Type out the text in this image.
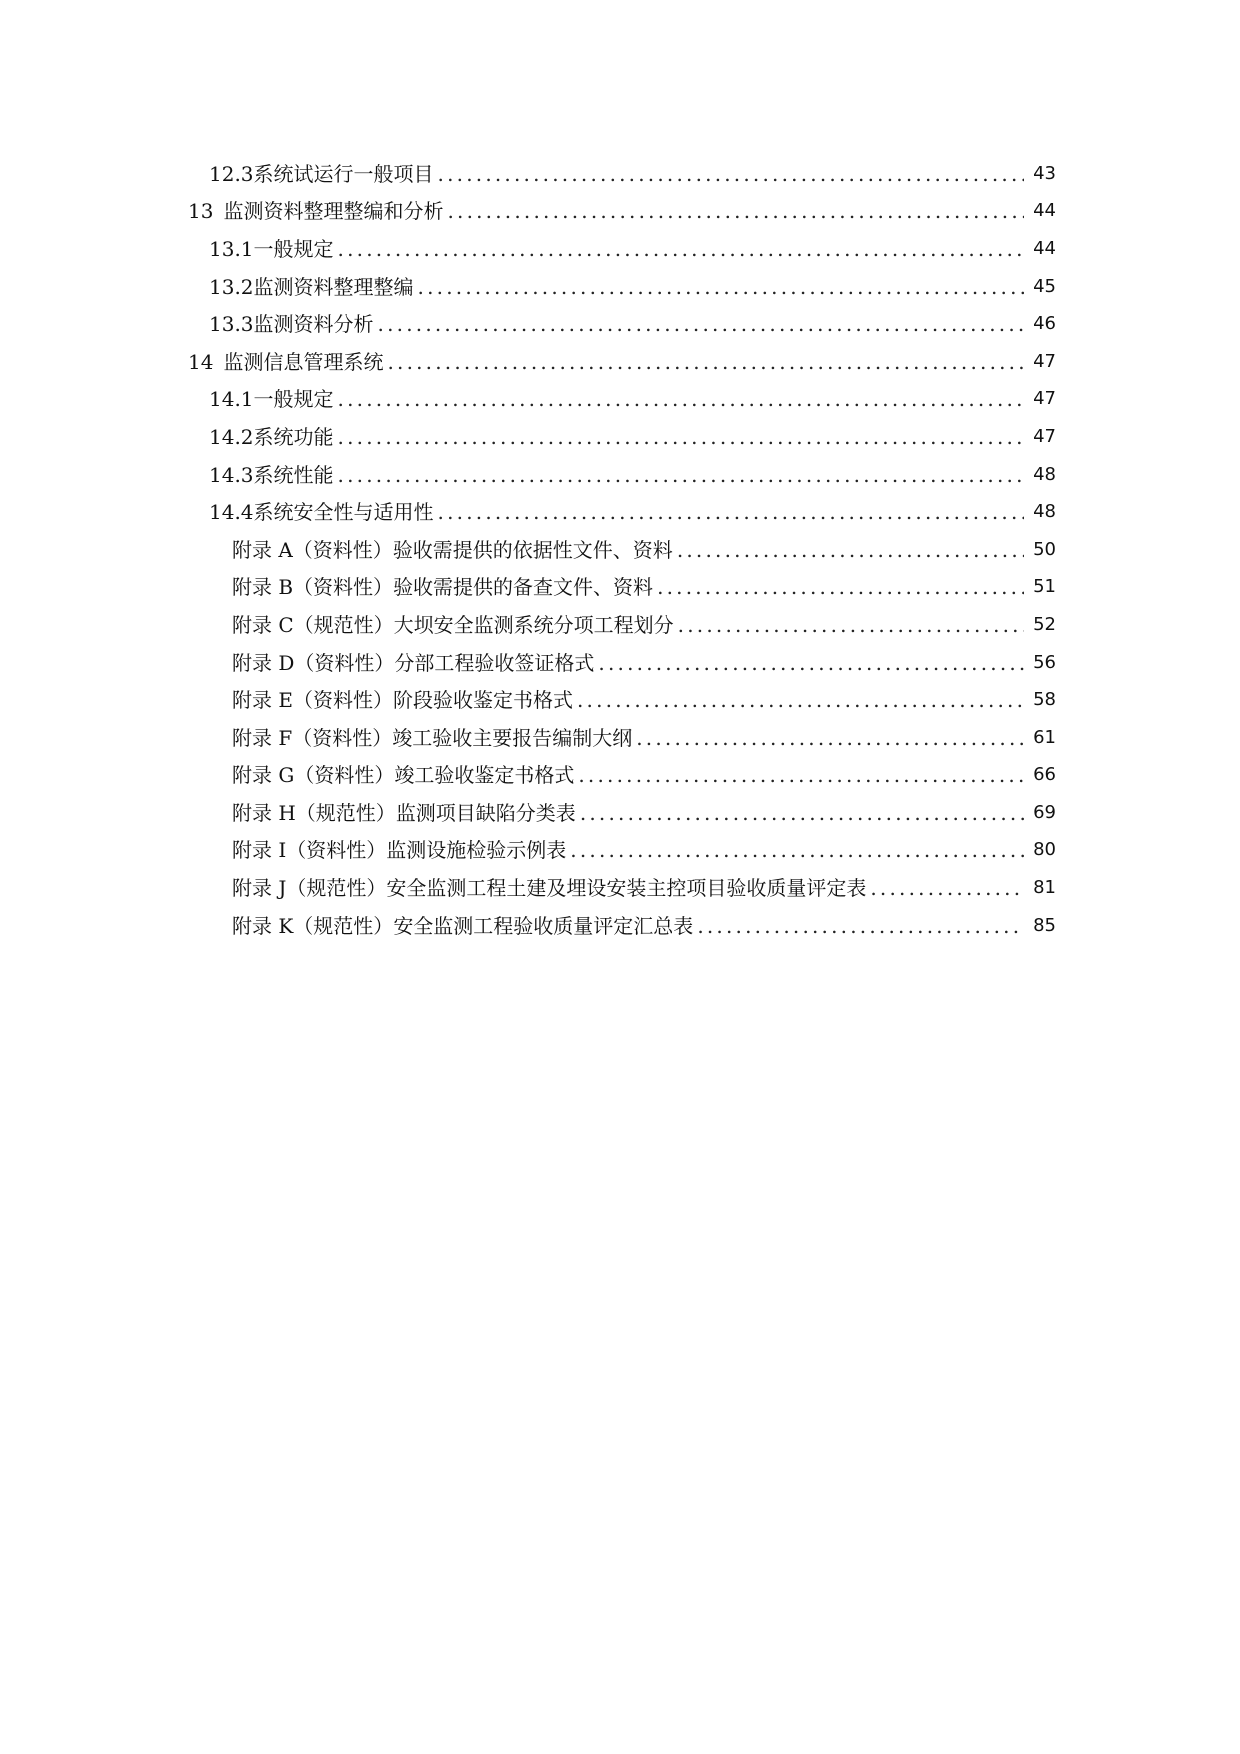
12.3 系统试运行一般项目 .....	43
13 监测资料整理整编和分析 .....	44
13.1 一般规定 .....	44
13.2 监测资料整理整编 .....	45
13.3 监测资料分析 .....	46
14 监测信息管理系统 .....	47
14.1 一般规定 .....	47
14.2 系统功能 .....	47
14.3 系统性能 .....	48
14.4 系统安全性与适用性 .....	48
附录 A（资料性） 验收需提供的依据性文件、资料 .....	50
附录 B（资料性） 验收需提供的备查文件、资料 .....	51
附录 C（规范性） 大坝安全监测系统分项工程划分 .....	52
附录 D（资料性） 分部工程验收签证格式 .....	56
附录 E（资料性） 阶段验收鉴定书格式 .....	58
附录 F（资料性） 竣工验收主要报告编制大纲 .....	61
附录 G（资料性） 竣工验收鉴定书格式 .....	66
附录 H（规范性） 监测项目缺陷分类表 .....	69
附录 I（资料性） 监测设施检验示例表 .....	80
附录 J（规范性） 安全监测工程土建及埋设安装主控项目验收质量评定表 .....	81
附录 K（规范性） 安全监测工程验收质量评定汇总表 .....	85
